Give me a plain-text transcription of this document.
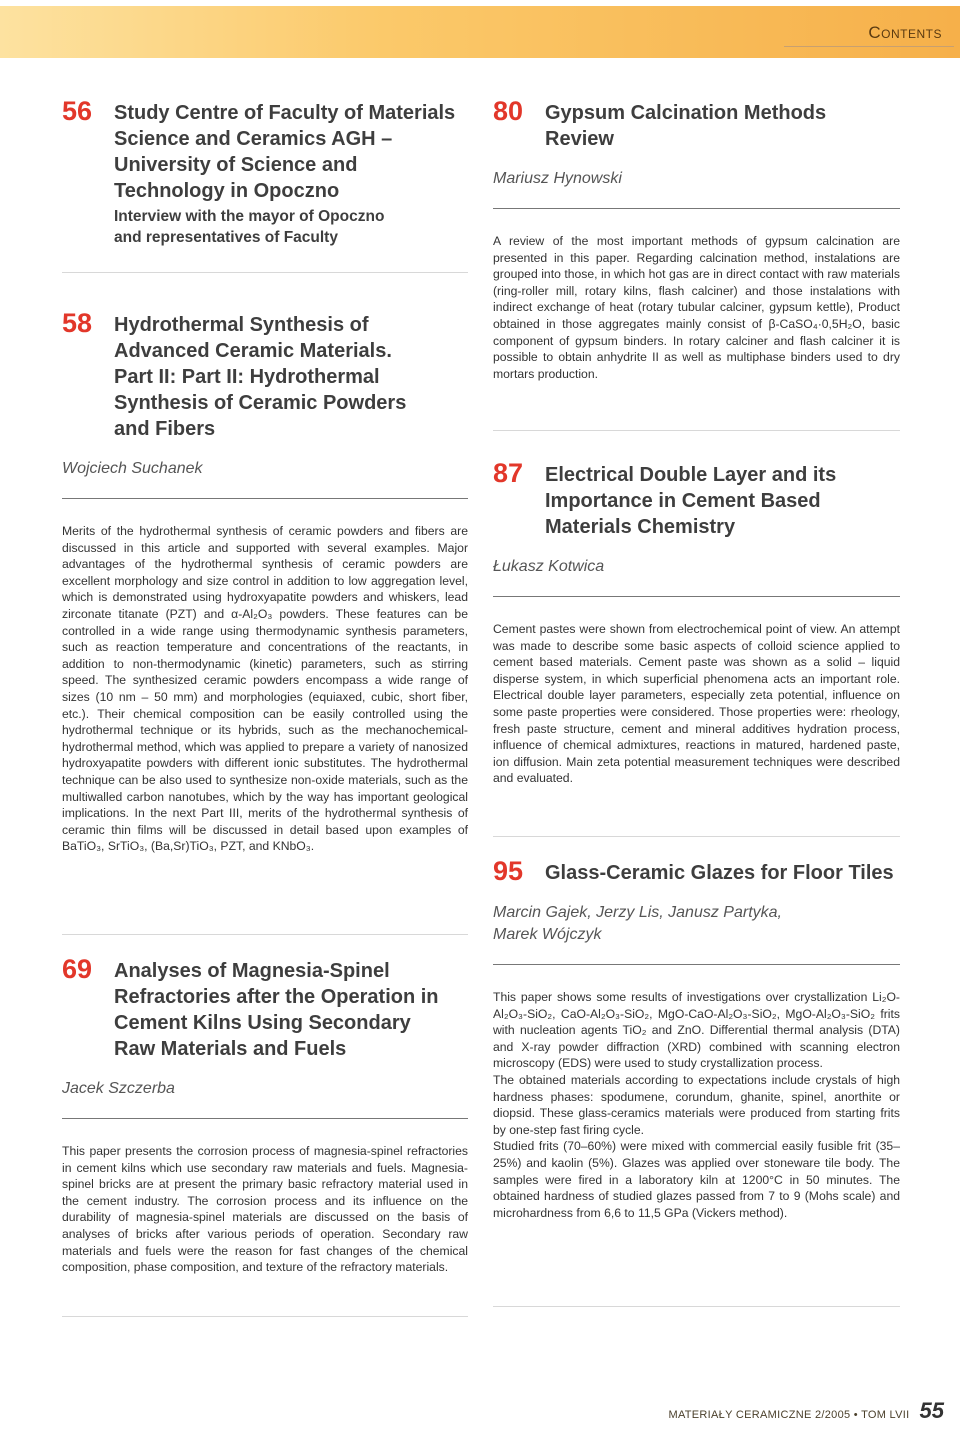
Contents
56 Study Centre of Faculty of Materials
Science and Ceramics AGH –
University of Science and
Technology in Opoczno
Interview with the mayor of Opoczno
and representatives of Faculty
58 Hydrothermal Synthesis of
Advanced Ceramic Materials.
Part II: Part II: Hydrothermal
Synthesis of Ceramic Powders
and Fibers
Wojciech Suchanek
Merits of the hydrothermal synthesis of ceramic powders and fibers are discussed in this article and supported with several examples. Major advantages of the hydrothermal synthesis of ceramic powders are excellent morphology and size control in addition to low aggregation level, which is demonstrated using hydroxyapatite powders and whiskers, lead zirconate titanate (PZT) and α-Al₂O₃ powders. These features can be controlled in a wide range using thermodynamic synthesis parameters, such as reaction temperature and concentrations of the reactants, in addition to non-thermodynamic (kinetic) parameters, such as stirring speed. The synthesized ceramic powders encompass a wide range of sizes (10 nm – 50 mm) and morphologies (equiaxed, cubic, short fiber, etc.). Their chemical composition can be easily controlled using the hydrothermal technique or its hybrids, such as the mechanochemical-hydrothermal method, which was applied to prepare a variety of nanosized hydroxyapatite powders with different ionic substitutes. The hydrothermal technique can be also used to synthesize non-oxide materials, such as the multiwalled carbon nanotubes, which by the way has important geological implications. In the next Part III, merits of the hydrothermal synthesis of ceramic thin films will be discussed in detail based upon examples of BaTiO₃, SrTiO₃, (Ba,Sr)TiO₃, PZT, and KNbO₃.
69 Analyses of Magnesia-Spinel
Refractories after the Operation in
Cement Kilns Using Secondary
Raw Materials and Fuels
Jacek Szczerba
This paper presents the corrosion process of magnesia-spinel refractories in cement kilns which use secondary raw materials and fuels. Magnesia-spinel bricks are at present the primary basic refractory material used in the cement industry. The corrosion process and its influence on the durability of magnesia-spinel materials are discussed on the basis of analyses of bricks after various periods of operation. Secondary raw materials and fuels were the reason for fast changes of the chemical composition, phase composition, and texture of the refractory materials.
80 Gypsum Calcination Methods
Review
Mariusz Hynowski
A review of the most important methods of gypsum calcination are presented in this paper. Regarding calcination method, instalations are grouped into those, in which hot gas are in direct contact with raw materials (ring-roller mill, rotary kilns, flash calciner) and those instalations with indirect exchange of heat (rotary tubular calciner, gypsum kettle), Product obtained in those aggregates mainly consist of β-CaSO₄·0,5H₂O, basic component of gypsum binders. In rotary calciner and flash calciner it is possible to obtain anhydrite II as well as multiphase binders used to dry mortars production.
87 Electrical Double Layer and its
Importance in Cement Based
Materials Chemistry
Łukasz Kotwica
Cement pastes were shown from electrochemical point of view. An attempt was made to describe some basic aspects of colloid science applied to cement based materials. Cement paste was shown as a solid – liquid disperse system, in which superficial phenomena acts an important role. Electrical double layer parameters, especially zeta potential, influence on some paste properties were considered. Those properties were: rheology, fresh paste structure, cement and mineral additives hydration process, influence of chemical admixtures, reactions in matured, hardened paste, ion diffusion. Main zeta potential measurement techniques were described and evaluated.
95 Glass-Ceramic Glazes for Floor Tiles
Marcin Gajek, Jerzy Lis, Janusz Partyka,
Marek Wójczyk
This paper shows some results of investigations over crystallization Li₂O-Al₂O₃-SiO₂, CaO-Al₂O₃-SiO₂, MgO-CaO-Al₂O₃-SiO₂, MgO-Al₂O₃-SiO₂ frits with nucleation agents TiO₂ and ZnO. Differential thermal analysis (DTA) and X-ray powder diffraction (XRD) combined with scanning electron microscopy (EDS) were used to study crystallization process.
The obtained materials according to expectations include crystals of high hardness phases: spodumene, corundum, ghanite, spinel, anorthite or diopsid. These glass-ceramics materials were produced from starting frits by one-step fast firing cycle.
Studied frits (70–60%) were mixed with commercial easily fusible frit (35–25%) and kaolin (5%). Glazes was applied over stoneware tile body. The samples were fired in a laboratory kiln at 1200°C in 50 minutes. The obtained hardness of studied glazes passed from 7 to 9 (Mohs scale) and microhardness from 6,6 to 11,5 GPa (Vickers method).
MATERIAŁY CERAMICZNE 2/2005 • TOM LVII 55
